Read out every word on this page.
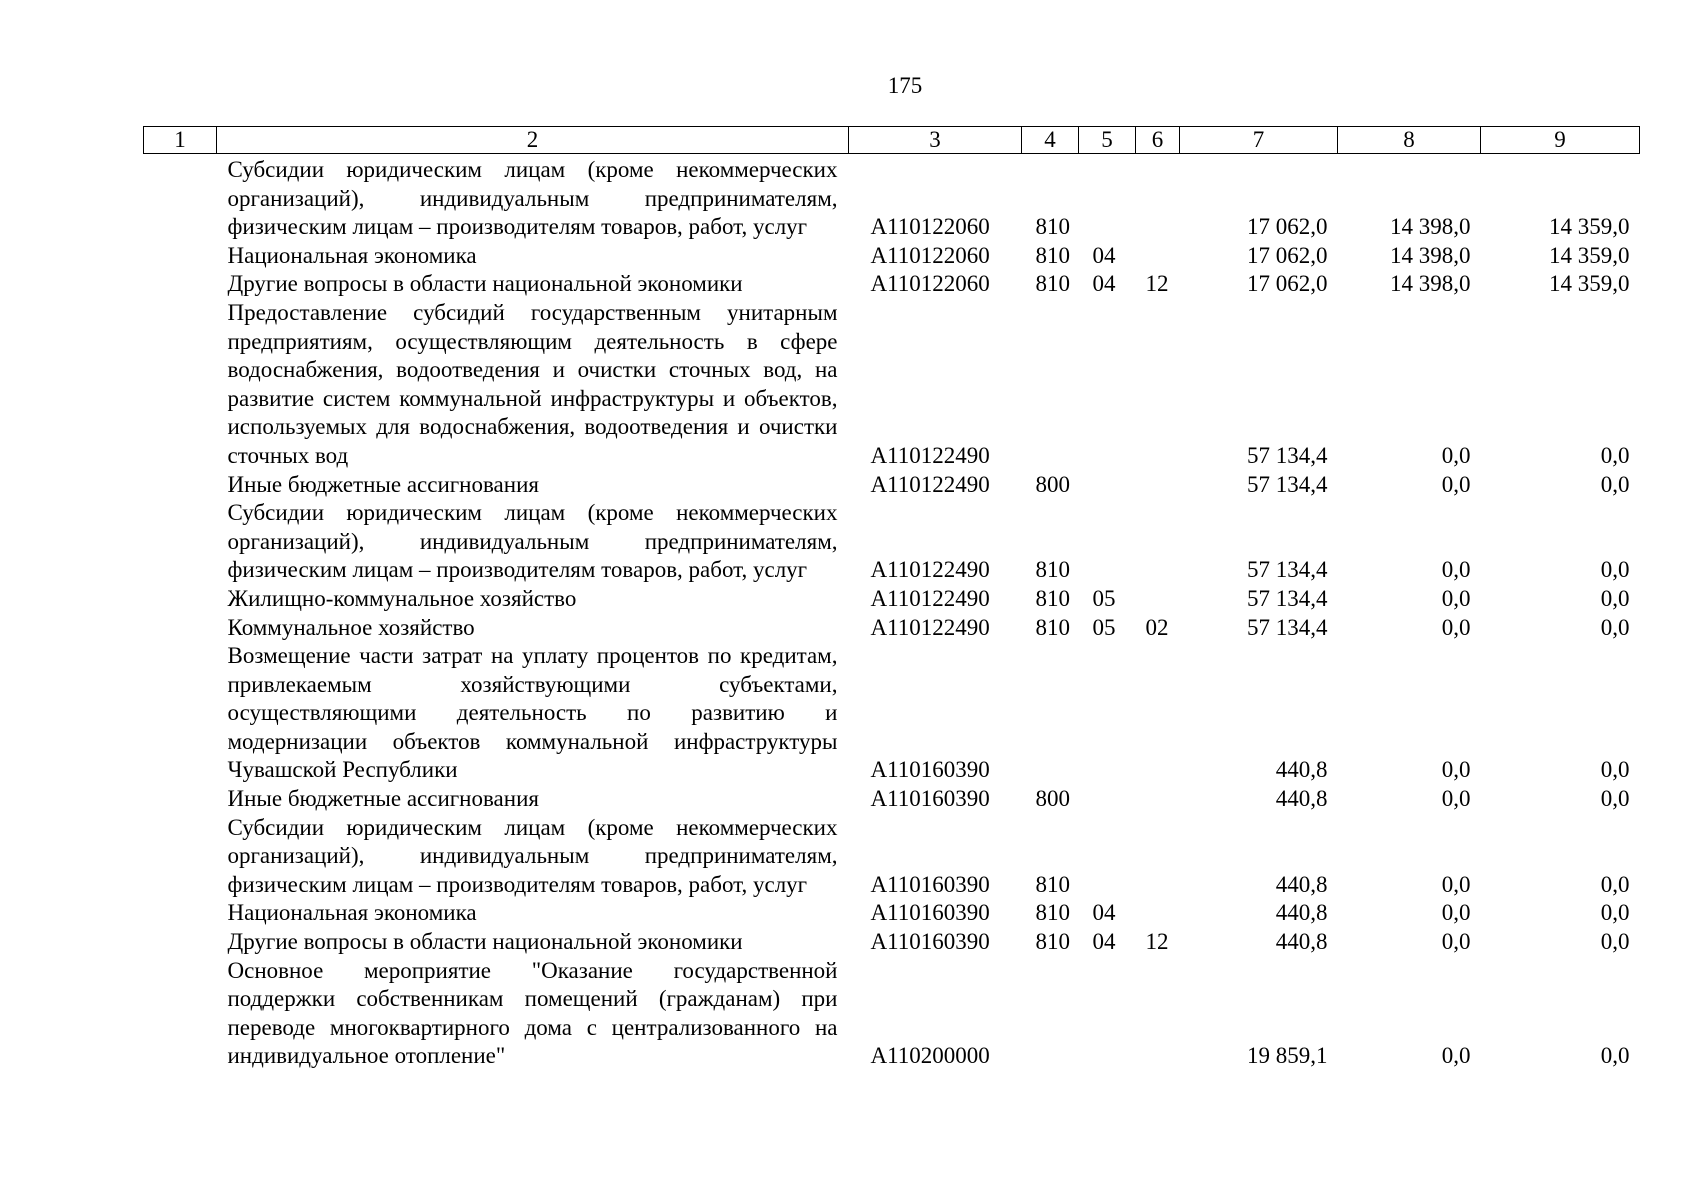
175
1	2	3	4	5	6	7	8	9

	Субсидии юридическим лицам (кроме некоммерческих организаций), индивидуальным предпринимателям, физическим лицам – производителям товаров, работ, услуг	А110122060	810			17 062,0	14 398,0	14 359,0

	Национальная экономика	А110122060	810	04		17 062,0	14 398,0	14 359,0

	Другие вопросы в области национальной экономики	А110122060	810	04	12	17 062,0	14 398,0	14 359,0

	Предоставление субсидий государственным унитарным предприятиям, осуществляющим деятельность в сфере водоснабжения, водоотведения и очистки сточных вод, на развитие систем коммунальной инфраструктуры и объектов, используемых для водоснабжения, водоотведения и очистки сточных вод	А110122490				57 134,4	0,0	0,0

	Иные бюджетные ассигнования	А110122490	800			57 134,4	0,0	0,0

	Субсидии юридическим лицам (кроме некоммерческих организаций), индивидуальным предпринимателям, физическим лицам – производителям товаров, работ, услуг	А110122490	810			57 134,4	0,0	0,0

	Жилищно-коммунальное хозяйство	А110122490	810	05		57 134,4	0,0	0,0

	Коммунальное хозяйство	А110122490	810	05	02	57 134,4	0,0	0,0

	Возмещение части затрат на уплату процентов по кредитам, привлекаемым хозяйствующими субъектами, осуществляющими деятельность по развитию и модернизации объектов коммунальной инфраструктуры Чувашской Республики	А110160390				440,8	0,0	0,0

	Иные бюджетные ассигнования	А110160390	800			440,8	0,0	0,0

	Субсидии юридическим лицам (кроме некоммерческих организаций), индивидуальным предпринимателям, физическим лицам – производителям товаров, работ, услуг	А110160390	810			440,8	0,0	0,0

	Национальная экономика	А110160390	810	04		440,8	0,0	0,0

	Другие вопросы в области национальной экономики	А110160390	810	04	12	440,8	0,0	0,0

	Основное мероприятие "Оказание государственной поддержки собственникам помещений (гражданам) при переводе многоквартирного дома с централизованного на индивидуальное отопление"	А110200000				19 859,1	0,0	0,0
